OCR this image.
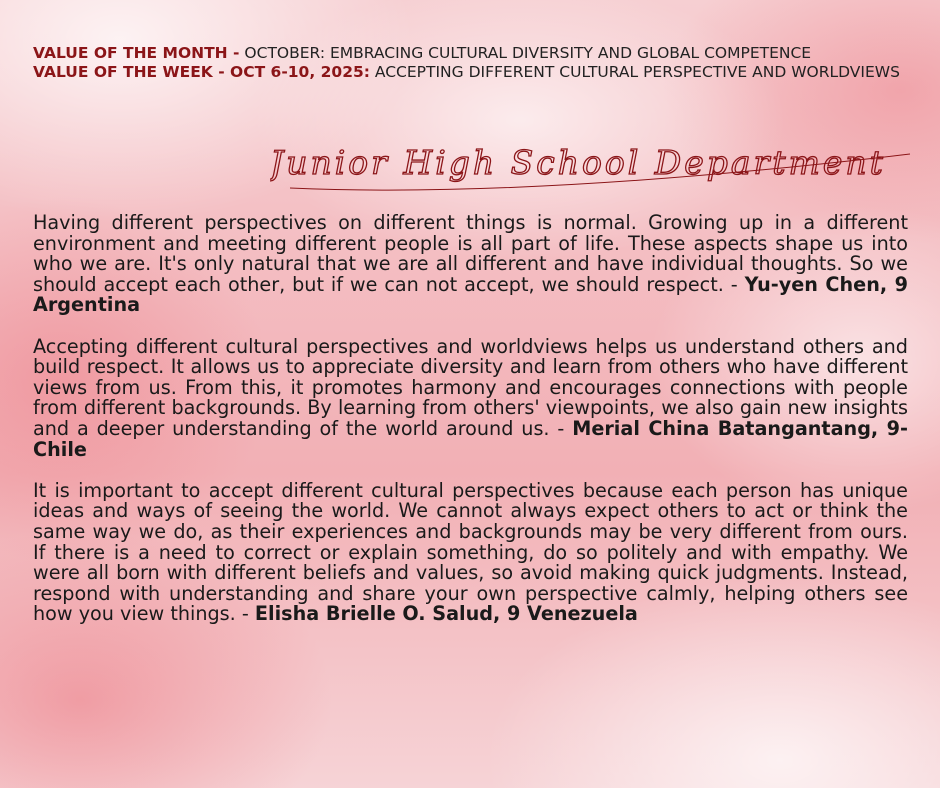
VALUE OF THE MONTH - OCTOBER: EMBRACING CULTURAL DIVERSITY AND GLOBAL COMPETENCE
VALUE OF THE WEEK - OCT 6-10, 2025: ACCEPTING DIFFERENT CULTURAL PERSPECTIVE AND WORLDVIEWS
Junior High School Department

Having different perspectives on different things is normal. Growing up in a different environment and meeting different people is all part of life. These aspects shape us into who we are. It's only natural that we are all different and have individual thoughts. So we should accept each other, but if we can not accept, we should respect. - Yu-yen Chen, 9 Argentina

Accepting different cultural perspectives and worldviews helps us understand others and build respect. It allows us to appreciate diversity and learn from others who have different views from us. From this, it promotes harmony and encourages connections with people from different backgrounds. By learning from others' viewpoints, we also gain new insights and a deeper understanding of the world around us. - Merial China Batangantang, 9-Chile

It is important to accept different cultural perspectives because each person has unique ideas and ways of seeing the world. We cannot always expect others to act or think the same way we do, as their experiences and backgrounds may be very different from ours. If there is a need to correct or explain something, do so politely and with empathy. We were all born with different beliefs and values, so avoid making quick judgments. Instead, respond with understanding and share your own perspective calmly, helping others see how you view things. - Elisha Brielle O. Salud, 9 Venezuela
